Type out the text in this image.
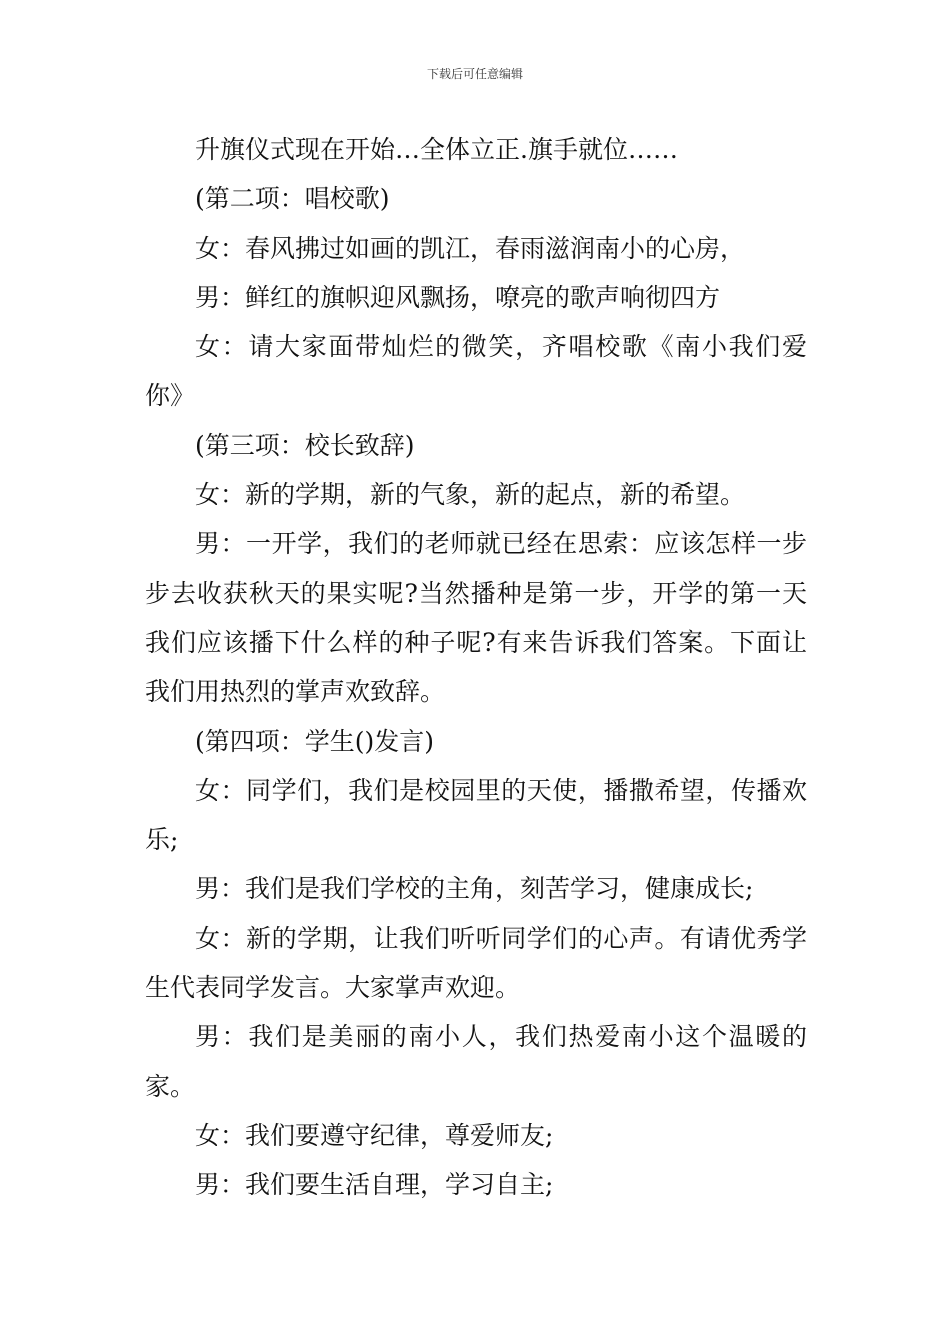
下载后可任意编辑

升旗仪式现在开始…全体立正.旗手就位……

(第二项：唱校歌)

女：春风拂过如画的凯江，春雨滋润南小的心房，

男：鲜红的旗帜迎风飘扬，嘹亮的歌声响彻四方

女：请大家面带灿烂的微笑，齐唱校歌《南小我们爱你》

(第三项：校长致辞)

女：新的学期，新的气象，新的起点，新的希望。

男：一开学，我们的老师就已经在思索：应该怎样一步步去收获秋天的果实呢?当然播种是第一步，开学的第一天我们应该播下什么样的种子呢?有来告诉我们答案。下面让我们用热烈的掌声欢致辞。

(第四项：学生()发言)

女：同学们，我们是校园里的天使，播撒希望，传播欢乐;

男：我们是我们学校的主角，刻苦学习，健康成长;

女：新的学期，让我们听听同学们的心声。有请优秀学生代表同学发言。大家掌声欢迎。

男：我们是美丽的南小人，我们热爱南小这个温暖的家。

女：我们要遵守纪律，尊爱师友;

男：我们要生活自理，学习自主;
